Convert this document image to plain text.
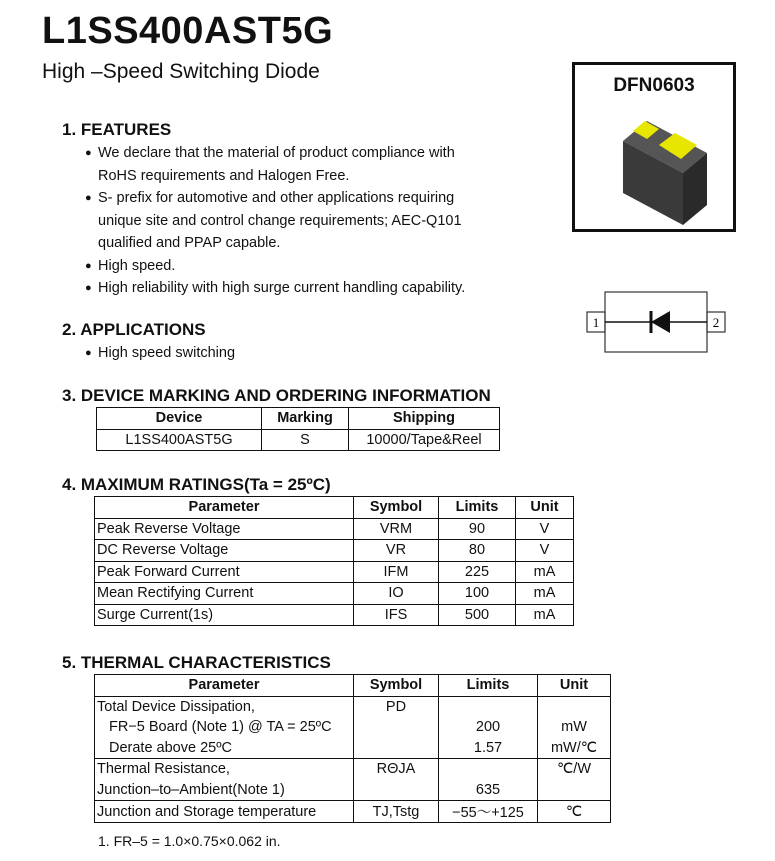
L1SS400AST5G
High –Speed Switching Diode
DFN0603
1	2
1. FEATURES
● We declare that the material of product compliance with
RoHS requirements and Halogen Free.
● S- prefix for automotive and other applications requiring
unique site and control change requirements; AEC-Q101
qualified and PPAP capable.
● High speed.
● High reliability with high surge current handling capability.
2. APPLICATIONS
● High speed switching
3. DEVICE MARKING AND ORDERING INFORMATION
Device	Marking	Shipping
L1SS400AST5G	S	10000/Tape&Reel
4. MAXIMUM RATINGS(Ta = 25ºC)
Parameter	Symbol	Limits	Unit
Peak Reverse Voltage	VRM	90	V
DC Reverse Voltage	VR	80	V
Peak Forward Current	IFM	225	mA
Mean Rectifying Current	IO	100	mA
Surge Current(1s)	IFS	500	mA
5. THERMAL CHARACTERISTICS
Parameter	Symbol	Limits	Unit
Total Device Dissipation,	PD		
FR−5 Board (Note 1) @ TA = 25ºC		200	mW
Derate above 25ºC		1.57	mW/℃
Thermal Resistance,	RΘJA		℃/W
Junction–to–Ambient(Note 1)		635	
Junction and Storage temperature	TJ,Tstg	−55～+125	℃
1. FR–5 = 1.0×0.75×0.062 in.
